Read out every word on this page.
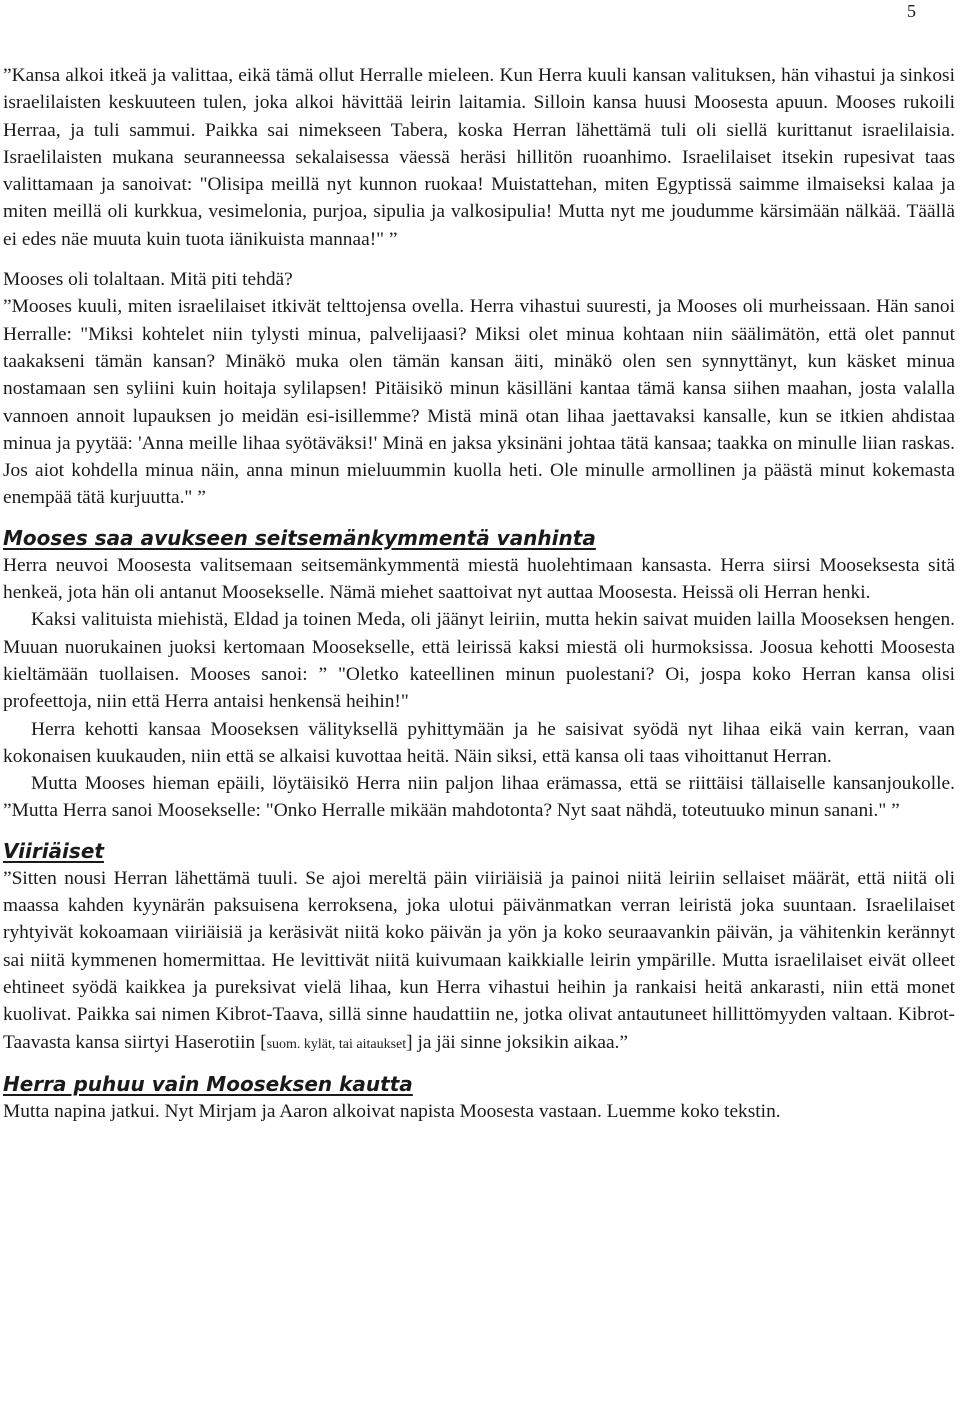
5

”Kansa alkoi itkeä ja valittaa, eikä tämä ollut Herralle mieleen. Kun Herra kuuli kansan valituksen, hän vihastui ja sinkosi israelilaisten keskuuteen tulen, joka alkoi hävittää leirin laitamia. Silloin kansa huusi Moosesta apuun. Mooses rukoili Herraa, ja tuli sammui. Paikka sai nimekseen Tabera, koska Herran lähettämä tuli oli siellä kurittanut israelilaisia. Israelilaisten mukana seuranneessa sekalaisessa väessä heräsi hillitön ruoanhimo. Israelilaiset itsekin rupesivat taas valittamaan ja sanoivat: "Olisipa meillä nyt kunnon ruokaa! Muistattehan, miten Egyptissä saimme ilmaiseksi kalaa ja miten meillä oli kurkkua, vesimelonia, purjoa, sipulia ja valkosipulia! Mutta nyt me joudumme kärsimään nälkää. Täällä ei edes näe muuta kuin tuota iänikuista mannaa!" ”

Mooses oli tolaltaan. Mitä piti tehdä?

”Mooses kuuli, miten israelilaiset itkivät telttojensa ovella. Herra vihastui suuresti, ja Mooses oli murheissaan. Hän sanoi Herralle: "Miksi kohtelet niin tylysti minua, palvelijaasi? Miksi olet minua kohtaan niin säälimätön, että olet pannut taakakseni tämän kansan? Minäkö muka olen tämän kansan äiti, minäkö olen sen synnyttänyt, kun käsket minua nostamaan sen syliini kuin hoitaja sylilapsen! Pitäisikö minun käsilläni kantaa tämä kansa siihen maahan, josta valalla vannoen annoit lupauksen jo meidän esi-isillemme? Mistä minä otan lihaa jaettavaksi kansalle, kun se itkien ahdistaa minua ja pyytää: 'Anna meille lihaa syötäväksi!' Minä en jaksa yksinäni johtaa tätä kansaa; taakka on minulle liian raskas. Jos aiot kohdella minua näin, anna minun mieluummin kuolla heti. Ole minulle armollinen ja päästä minut kokemasta enempää tätä kurjuutta." ”

Mooses saa avukseen seitsemänkymmentä vanhinta

Herra neuvoi Moosesta valitsemaan seitsemänkymmentä miestä huolehtimaan kansasta. Herra siirsi Mooseksesta sitä henkeä, jota hän oli antanut Moosekselle. Nämä miehet saattoivat nyt auttaa Moosesta. Heissä oli Herran henki.

Kaksi valituista miehistä, Eldad ja toinen Meda, oli jäänyt leiriin, mutta hekin saivat muiden lailla Mooseksen hengen. Muuan nuorukainen juoksi kertomaan Moosekselle, että leirissä kaksi miestä oli hurmoksissa. Joosua kehotti Moosesta kieltämään tuollaisen. Mooses sanoi: ” "Oletko kateellinen minun puolestani? Oi, jospa koko Herran kansa olisi profeettoja, niin että Herra antaisi henkensä heihin!"

Herra kehotti kansaa Mooseksen välityksellä pyhittymään ja he saisivat syödä nyt lihaa eikä vain kerran, vaan kokonaisen kuukauden, niin että se alkaisi kuvottaa heitä. Näin siksi, että kansa oli taas vihoittanut Herran.

Mutta Mooses hieman epäili, löytäisikö Herra niin paljon lihaa erämassa, että se riittäisi tällaiselle kansanjoukolle. ”Mutta Herra sanoi Moosekselle: "Onko Herralle mikään mahdotonta? Nyt saat nähdä, toteutuuko minun sanani." ”

Viiriäiset

”Sitten nousi Herran lähettämä tuuli. Se ajoi mereltä päin viiriäisiä ja painoi niitä leiriin sellaiset määrät, että niitä oli maassa kahden kyynärän paksuisena kerroksena, joka ulotui päivänmatkan verran leiristä joka suuntaan. Israelilaiset ryhtyivät kokoamaan viiriäisiä ja keräsivät niitä koko päivän ja yön ja koko seuraavankin päivän, ja vähitenkin kerännyt sai niitä kymmenen homermittaa. He levittivät niitä kuivumaan kaikkialle leirin ympärille. Mutta israelilaiset eivät olleet ehtineet syödä kaikkea ja pureksivat vielä lihaa, kun Herra vihastui heihin ja rankaisi heitä ankarasti, niin että monet kuolivat. Paikka sai nimen Kibrot-Taava, sillä sinne haudattiin ne, jotka olivat antautuneet hillittömyyden valtaan. Kibrot-Taavasta kansa siirtyi Haserotiin [suom. kylät, tai aitaukset] ja jäi sinne joksikin aikaa.”

Herra puhuu vain Mooseksen kautta

Mutta napina jatkui. Nyt Mirjam ja Aaron alkoivat napista Moosesta vastaan. Luemme koko tekstin.
